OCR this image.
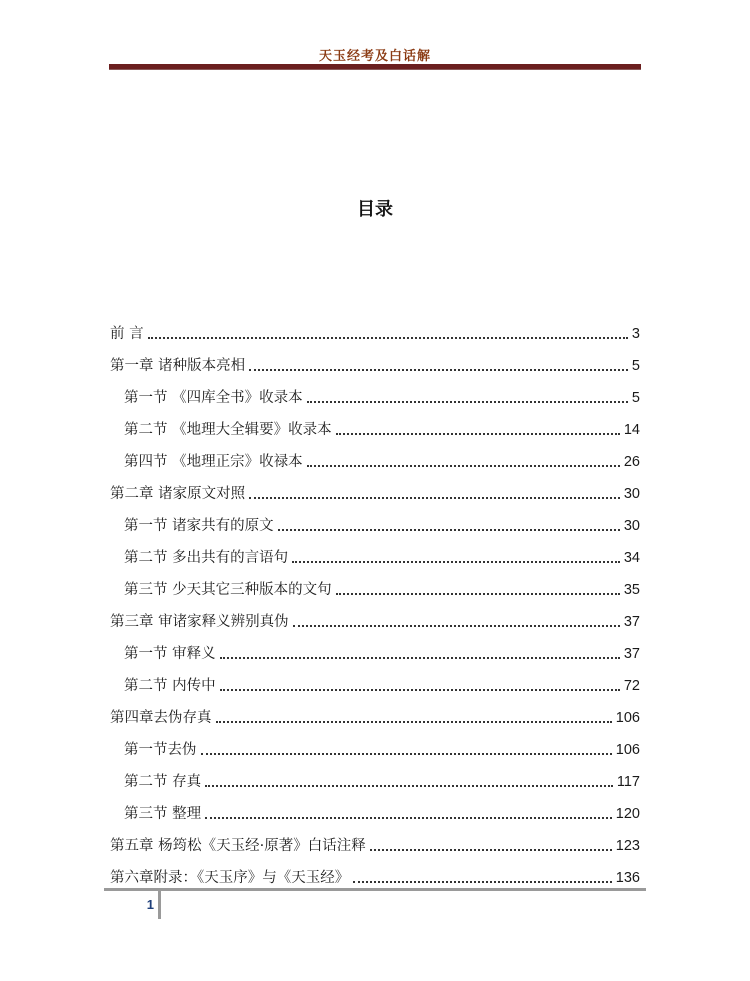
天玉经考及白话解
目录
前 言	3
第一章 诸种版本亮相	5
第一节 《四库全书》收录本	5
第二节 《地理大全辑要》收录本	14
第四节 《地理正宗》收禄本	26
第二章 诸家原文对照	30
第一节 诸家共有的原文	30
第二节 多出共有的言语句	34
第三节 少天其它三种版本的文句	35
第三章 审诸家释义辨别真伪	37
第一节 审释义	37
第二节 内传中	72
第四章去伪存真	106
第一节去伪	106
第二节 存真	117
第三节 整理	120
第五章 杨筠松《天玉经·原著》白话注释	123
第六章附录：《天玉序》与《天玉经》	136
1
